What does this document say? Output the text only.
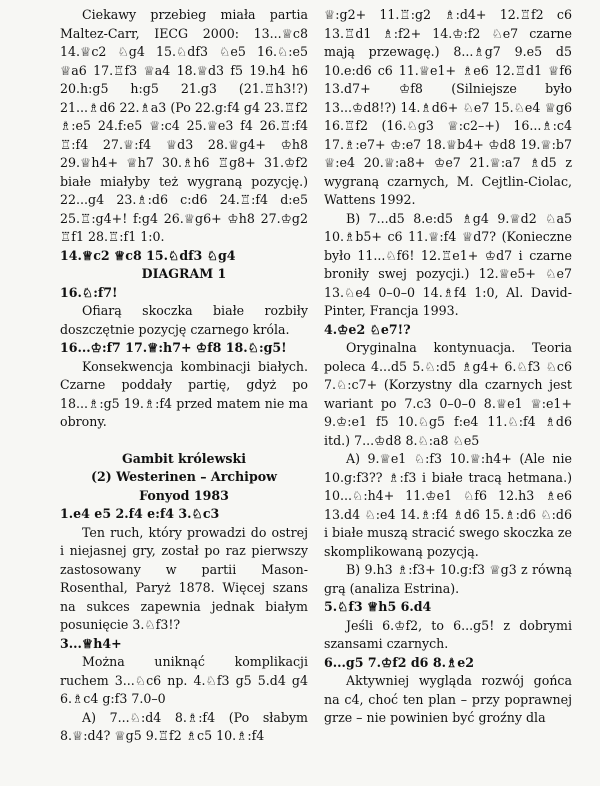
Ciekawy przebieg miała partia Maltez-Carr, IECG 2000: 13...♕c8 14.♕c2 ♘g4 15.♘df3 ♘e5 16.♘:e5 ♕a6 17.♖f3 ♕a4 18.♕d3 f5 19.h4 h6 20.h:g5 h:g5 21.g3 (21.♖h3!?) 21...♗d6 22.♗a3 (Po 22.g:f4 g4 23.♖f2 ♗:e5 24.f:e5 ♕:c4 25.♕e3 f4 26.♖:f4 ♖:f4 27.♕:f4 ♕d3 28.♕g4+ ♔h8 29.♕h4+ ♕h7 30.♗h6 ♖g8+ 31.♔f2 białe miałyby też wygraną pozycję.) 22...g4 23.♗:d6 c:d6 24.♖:f4 d:e5 25.♖:g4+! f:g4 26.♕g6+ ♔h8 27.♔g2 ♖f1 28.♖:f1 1:0.

14.♕c2 ♕c8 15.♘df3 ♘g4

DIAGRAM 1

16.♘:f7!

Ofiarą skoczka białe rozbiły doszczętnie pozycję czarnego króla.

16...♔:f7 17.♕:h7+ ♔f8 18.♘:g5!

Konsekwencja kombinacji białych. Czarne poddały partię, gdyż po 18...♗:g5 19.♗:f4 przed matem nie ma obrony.

Gambit królewski

(2) Westerinen – Archipow

Fonyod 1983

1.e4 e5 2.f4 e:f4 3.♘c3

Ten ruch, który prowadzi do ostrej i niejasnej gry, został po raz pierwszy zastosowany w partii Mason-Rosenthal, Paryż 1878. Więcej szans na sukces zapewnia jednak białym posunięcie 3.♘f3!?

3...♕h4+

Można uniknąć komplikacji ruchem 3...♘c6 np. 4.♘f3 g5 5.d4 g4 6.♗c4 g:f3 7.0–0

A) 7...♘:d4 8.♗:f4 (Po słabym 8.♕:d4? ♕g5 9.♖f2 ♗c5 10.♗:f4

♕:g2+ 11.♖:g2 ♗:d4+ 12.♖f2 c6 13.♖d1 ♗:f2+ 14.♔:f2 ♘e7 czarne mają przewagę.) 8...♗g7 9.e5 d5 10.e:d6 c6 11.♕e1+ ♗e6 12.♖d1 ♕f6 13.d7+ ♔f8 (Silniejsze było 13...♔d8!?) 14.♗d6+ ♘e7 15.♘e4 ♕g6 16.♖f2 (16.♘g3 ♕:c2–+) 16...♗:c4 17.♗:e7+ ♔:e7 18.♕b4+ ♔d8 19.♕:b7 ♕:e4 20.♕:a8+ ♔e7 21.♕:a7 ♗d5 z wygraną czarnych, M. Cejtlin-Ciolac, Wattens 1992.

B) 7...d5 8.e:d5 ♗g4 9.♕d2 ♘a5 10.♗b5+ c6 11.♕:f4 ♕d7? (Konieczne było 11...♘f6! 12.♖e1+ ♔d7 i czarne broniły swej pozycji.) 12.♕e5+ ♘e7 13.♘e4 0–0–0 14.♗f4 1:0, Al. David-Pinter, Francja 1993.

4.♔e2 ♘e7!?

Oryginalna kontynuacja. Teoria poleca 4...d5 5.♘:d5 ♗g4+ 6.♘f3 ♘c6 7.♘:c7+ (Korzystny dla czarnych jest wariant po 7.c3 0–0–0 8.♕e1 ♕:e1+ 9.♔:e1 f5 10.♘g5 f:e4 11.♘:f4 ♗d6 itd.) 7...♔d8 8.♘:a8 ♘e5

A) 9.♕e1 ♘:f3 10.♕:h4+ (Ale nie 10.g:f3?? ♗:f3 i białe tracą hetmana.) 10...♘:h4+ 11.♔e1 ♘f6 12.h3 ♗e6 13.d4 ♘:e4 14.♗:f4 ♗d6 15.♗:d6 ♘:d6 i białe muszą stracić swego skoczka ze skomplikowaną pozycją.

B) 9.h3 ♗:f3+ 10.g:f3 ♕g3 z równą grą (analiza Estrina).

5.♘f3 ♕h5 6.d4

Jeśli 6.♔f2, to 6...g5! z dobrymi szansami czarnych.

6...g5 7.♔f2 d6 8.♗e2

Aktywniej wygląda rozwój gońca na c4, choć ten plan – przy poprawnej grze – nie powinien być groźny dla
